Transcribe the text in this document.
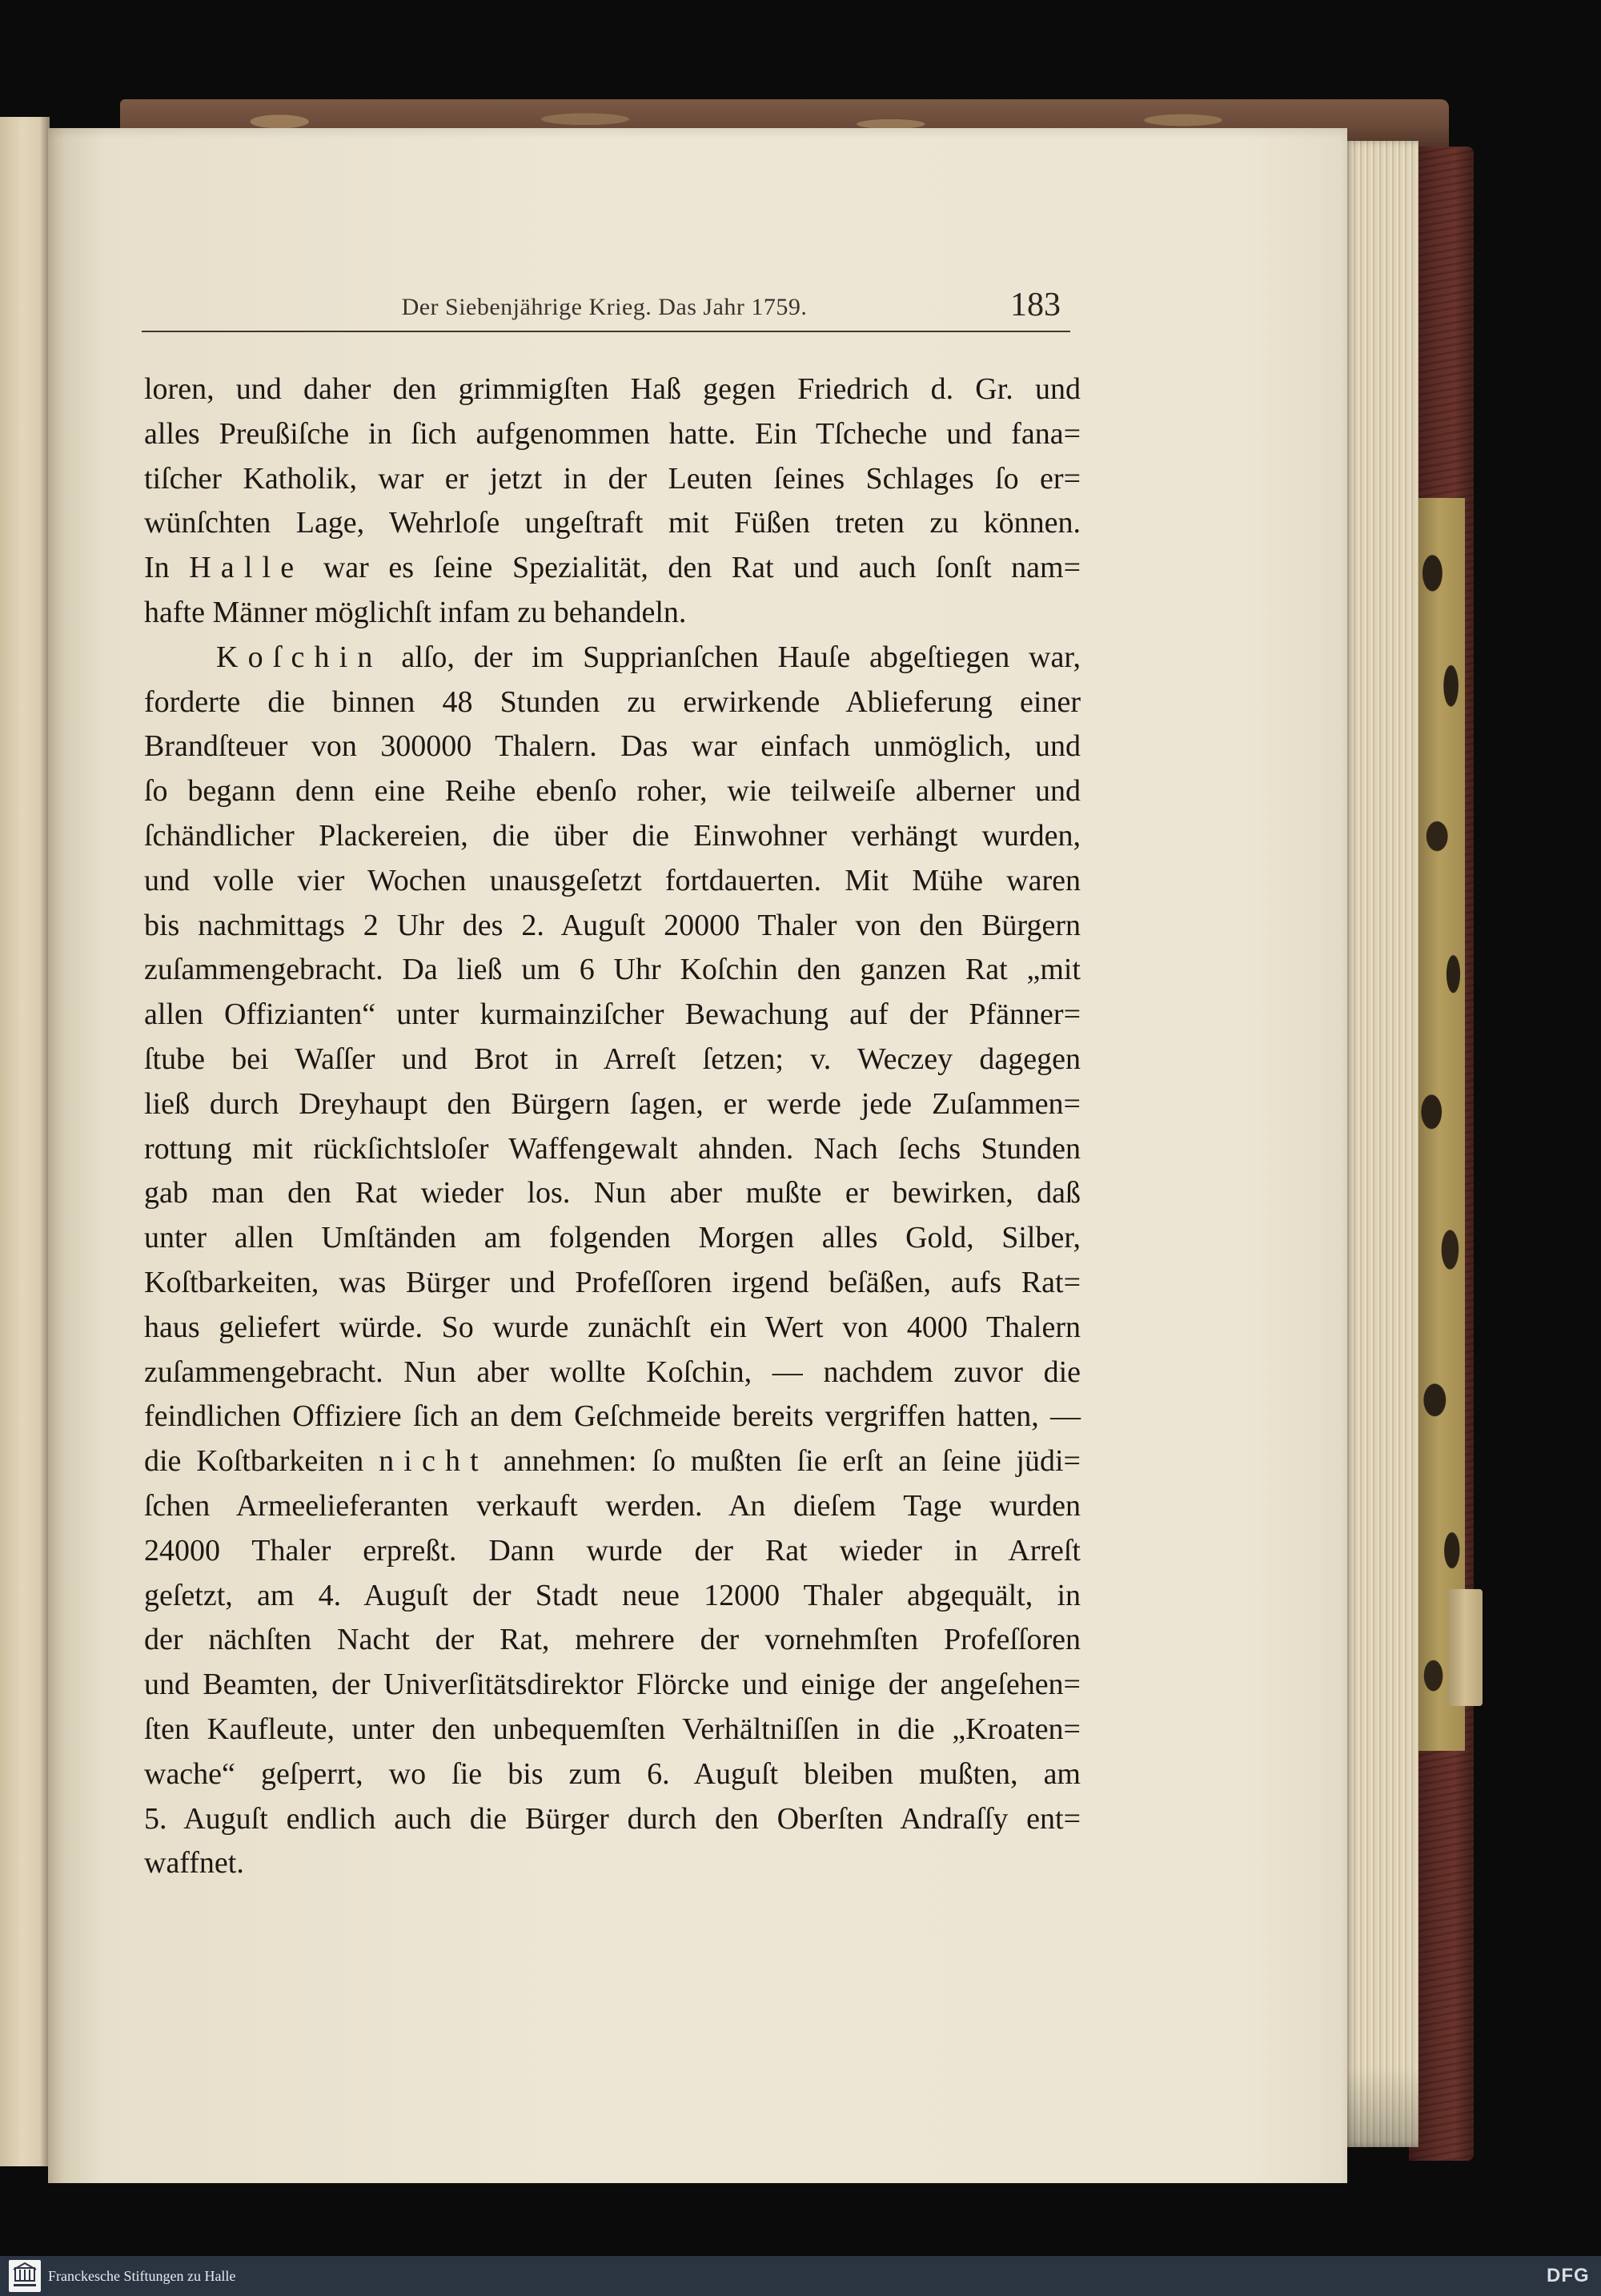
Der Siebenjährige Krieg. Das Jahr 1759.	183
loren, und daher den grimmigſten Haß gegen Friedrich d. Gr. und
alles Preußiſche in ſich aufgenommen hatte. Ein Tſcheche und fana=
tiſcher Katholik, war er jetzt in der Leuten ſeines Schlages ſo er=
wünſchten Lage, Wehrloſe ungeſtraft mit Füßen treten zu können.
In Halle war es ſeine Spezialität, den Rat und auch ſonſt nam=
hafte Männer möglichſt infam zu behandeln.
Koſchin alſo, der im Supprianſchen Hauſe abgeſtiegen war,
forderte die binnen 48 Stunden zu erwirkende Ablieferung einer
Brandſteuer von 300000 Thalern. Das war einfach unmöglich, und
ſo begann denn eine Reihe ebenſo roher, wie teilweiſe alberner und
ſchändlicher Plackereien, die über die Einwohner verhängt wurden,
und volle vier Wochen unausgeſetzt fortdauerten. Mit Mühe waren
bis nachmittags 2 Uhr des 2. Auguſt 20000 Thaler von den Bürgern
zuſammengebracht. Da ließ um 6 Uhr Koſchin den ganzen Rat „mit
allen Offizianten“ unter kurmainziſcher Bewachung auf der Pfänner=
ſtube bei Waſſer und Brot in Arreſt ſetzen; v. Weczey dagegen
ließ durch Dreyhaupt den Bürgern ſagen, er werde jede Zuſammen=
rottung mit rückſichtsloſer Waffengewalt ahnden. Nach ſechs Stunden
gab man den Rat wieder los. Nun aber mußte er bewirken, daß
unter allen Umſtänden am folgenden Morgen alles Gold, Silber,
Koſtbarkeiten, was Bürger und Profeſſoren irgend beſäßen, aufs Rat=
haus geliefert würde. So wurde zunächſt ein Wert von 4000 Thalern
zuſammengebracht. Nun aber wollte Koſchin, — nachdem zuvor die
feindlichen Offiziere ſich an dem Geſchmeide bereits vergriffen hatten, —
die Koſtbarkeiten nicht annehmen: ſo mußten ſie erſt an ſeine jüdi=
ſchen Armeelieferanten verkauft werden. An dieſem Tage wurden
24000 Thaler erpreßt. Dann wurde der Rat wieder in Arreſt
geſetzt, am 4. Auguſt der Stadt neue 12000 Thaler abgequält, in
der nächſten Nacht der Rat, mehrere der vornehmſten Profeſſoren
und Beamten, der Univerſitätsdirektor Flörcke und einige der angeſehen=
ſten Kaufleute, unter den unbequemſten Verhältniſſen in die „Kroaten=
wache“ geſperrt, wo ſie bis zum 6. Auguſt bleiben mußten, am
5. Auguſt endlich auch die Bürger durch den Oberſten Andraſſy ent=
waffnet.
Franckesche Stiftungen zu Halle	DFG
